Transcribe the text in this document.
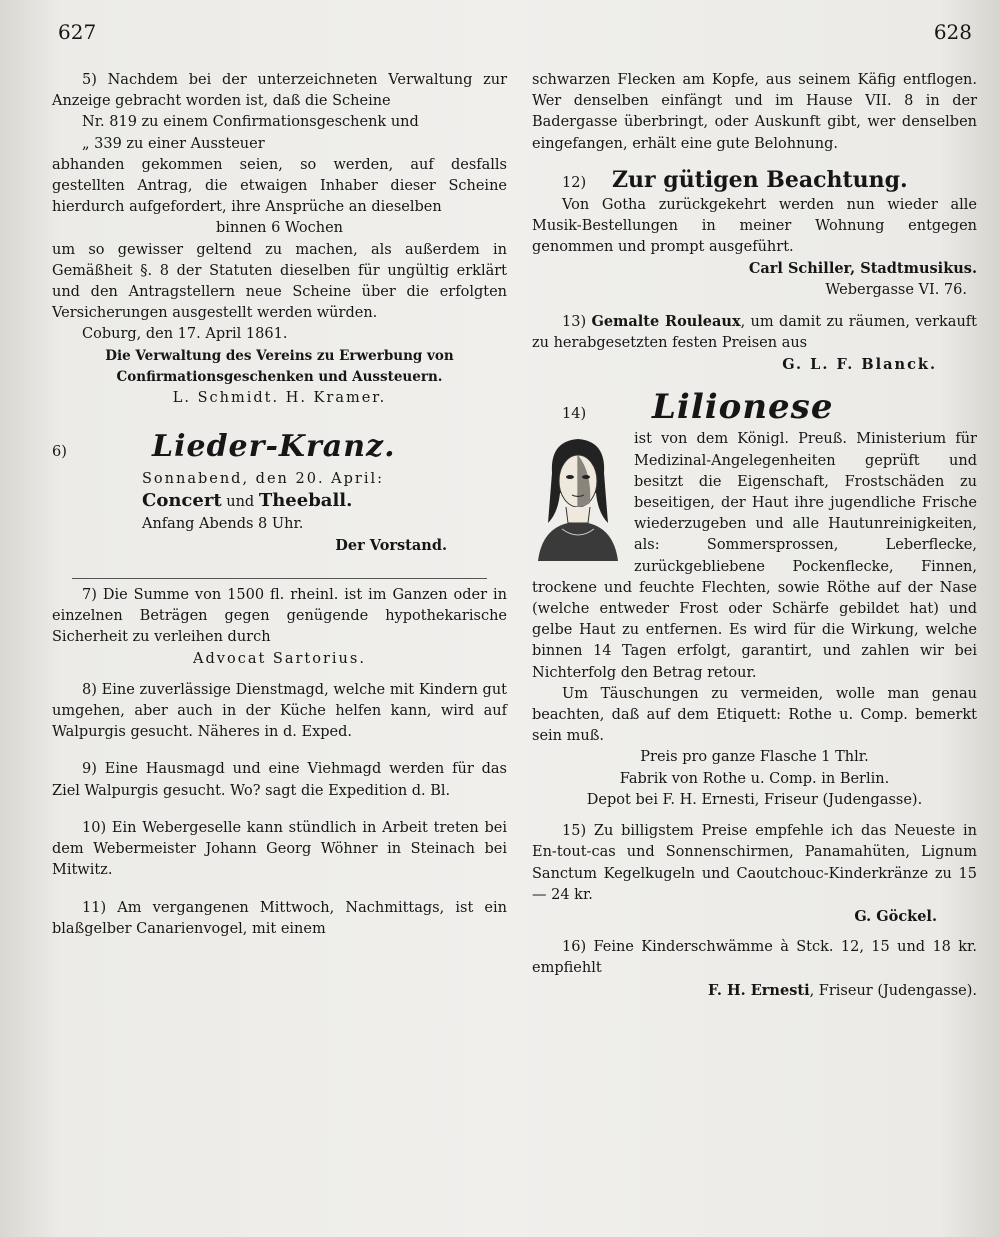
627	628

5) Nachdem bei der unterzeichneten Verwaltung zur Anzeige gebracht worden ist, daß die Scheine

Nr. 819 zu einem Confirmationsgeschenk und

„ 339 zu einer Aussteuer

abhanden gekommen seien, so werden, auf desfalls gestellten Antrag, die etwaigen Inhaber dieser Scheine hierdurch aufgefordert, ihre Ansprüche an dieselben

binnen 6 Wochen

um so gewisser geltend zu machen, als außerdem in Gemäßheit §. 8 der Statuten dieselben für ungültig erklärt und den Antragstellern neue Scheine über die erfolgten Versicherungen ausgestellt werden würden.

Coburg, den 17. April 1861.

Die Verwaltung des Vereins zu Erwerbung von Confirmationsgeschenken und Aussteuern.

L. Schmidt. H. Kramer.

6)	Lieder-Kranz.

Sonnabend, den 20. April:

Concert und Theeball.

Anfang Abends 8 Uhr.

Der Vorstand.

7) Die Summe von 1500 fl. rheinl. ist im Ganzen oder in einzelnen Beträgen gegen genügende hypothekarische Sicherheit zu verleihen durch

Advocat Sartorius.

8) Eine zuverlässige Dienstmagd, welche mit Kindern gut umgehen, aber auch in der Küche helfen kann, wird auf Walpurgis gesucht. Näheres in d. Exped.

9) Eine Hausmagd und eine Viehmagd werden für das Ziel Walpurgis gesucht. Wo? sagt die Expedition d. Bl.

10) Ein Webergeselle kann stündlich in Arbeit treten bei dem Webermeister Johann Georg Wöhner in Steinach bei Mitwitz.

11) Am vergangenen Mittwoch, Nachmittags, ist ein blaßgelber Canarienvogel, mit einem

schwarzen Flecken am Kopfe, aus seinem Käfig entflogen. Wer denselben einfängt und im Hause VII. 8 in der Badergasse überbringt, oder Auskunft gibt, wer denselben eingefangen, erhält eine gute Belohnung.

12)	Zur gütigen Beachtung.

Von Gotha zurückgekehrt werden nun wieder alle Musik-Bestellungen in meiner Wohnung entgegen genommen und prompt ausgeführt.

Carl Schiller, Stadtmusikus.

Webergasse VI. 76.

13) Gemalte Rouleaux, um damit zu räumen, verkauft zu herabgesetzten festen Preisen aus

G. L. F. Blanck.

14)	Lilionese

ist von dem Königl. Preuß. Ministerium für Medizinal-Angelegenheiten geprüft und besitzt die Eigenschaft, Frostschäden zu beseitigen, der Haut ihre jugendliche Frische wiederzugeben und alle Hautunreinigkeiten, als: Sommersprossen, Leberflecke, zurückgebliebene Pockenflecke, Finnen, trockene und feuchte Flechten, sowie Röthe auf der Nase (welche entweder Frost oder Schärfe gebildet hat) und gelbe Haut zu entfernen. Es wird für die Wirkung, welche binnen 14 Tagen erfolgt, garantirt, und zahlen wir bei Nichterfolg den Betrag retour.

Um Täuschungen zu vermeiden, wolle man genau beachten, daß auf dem Etiquett: Rothe u. Comp. bemerkt sein muß.

Preis pro ganze Flasche 1 Thlr.

Fabrik von Rothe u. Comp. in Berlin.

Depot bei F. H. Ernesti, Friseur (Judengasse).

15) Zu billigstem Preise empfehle ich das Neueste in En-tout-cas und Sonnenschirmen, Panamahüten, Lignum Sanctum Kegelkugeln und Caoutchouc-Kinderkränze zu 15 — 24 kr.

G. Göckel.

16) Feine Kinderschwämme à Stck. 12, 15 und 18 kr. empfiehlt

F. H. Ernesti, Friseur (Judengasse).
